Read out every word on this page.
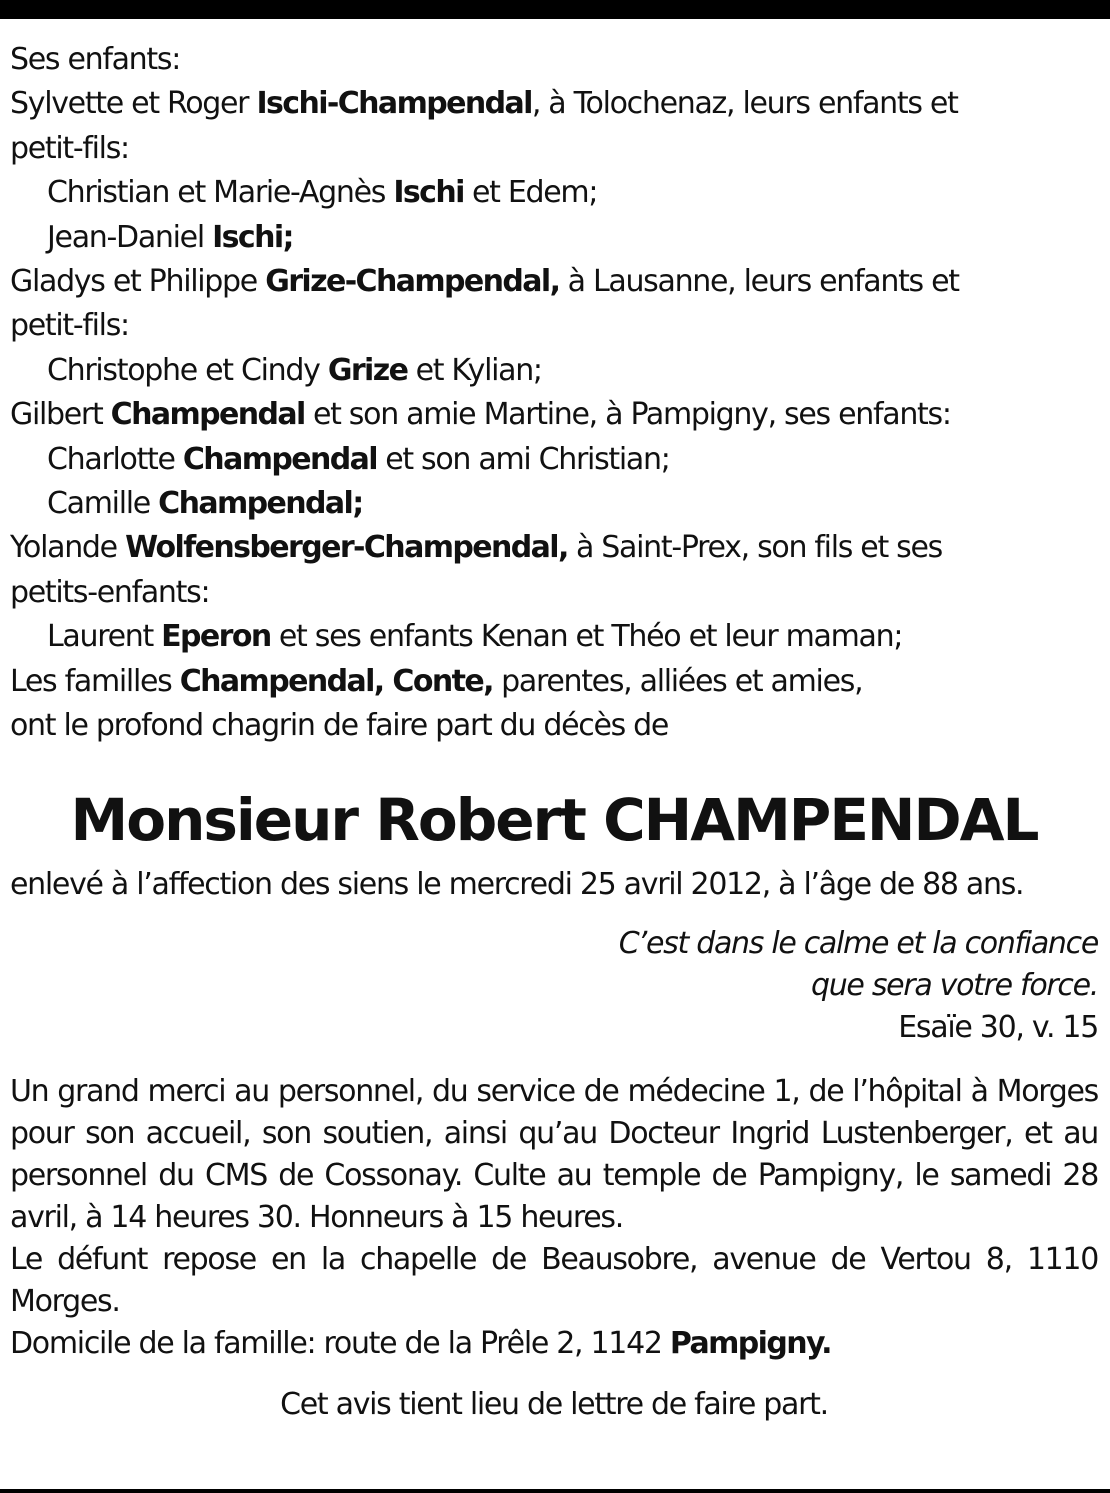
Ses enfants:
Sylvette et Roger Ischi-Champendal, à Tolochenaz, leurs enfants et
petit-fils:
Christian et Marie-Agnès Ischi et Edem;
Jean-Daniel Ischi;
Gladys et Philippe Grize-Champendal, à Lausanne, leurs enfants et
petit-fils:
Christophe et Cindy Grize et Kylian;
Gilbert Champendal et son amie Martine, à Pampigny, ses enfants:
Charlotte Champendal et son ami Christian;
Camille Champendal;
Yolande Wolfensberger-Champendal, à Saint-Prex, son fils et ses
petits-enfants:
Laurent Eperon et ses enfants Kenan et Théo et leur maman;
Les familles Champendal, Conte, parentes, alliées et amies,
ont le profond chagrin de faire part du décès de
Monsieur Robert CHAMPENDAL
enlevé à l’affection des siens le mercredi 25 avril 2012, à l’âge de 88 ans.
C’est dans le calme et la confiance
que sera votre force.
Esaïe 30, v. 15
Un grand merci au personnel, du service de médecine 1, de l’hôpital à Morges pour son accueil, son soutien, ainsi qu’au Docteur Ingrid Lustenberger, et au personnel du CMS de Cossonay. Culte au temple de Pampigny, le samedi 28 avril, à 14 heures 30. Honneurs à 15 heures.
Le défunt repose en la chapelle de Beausobre, avenue de Vertou 8, 1110 Morges.
Domicile de la famille: route de la Prêle 2, 1142 Pampigny.
Cet avis tient lieu de lettre de faire part.
